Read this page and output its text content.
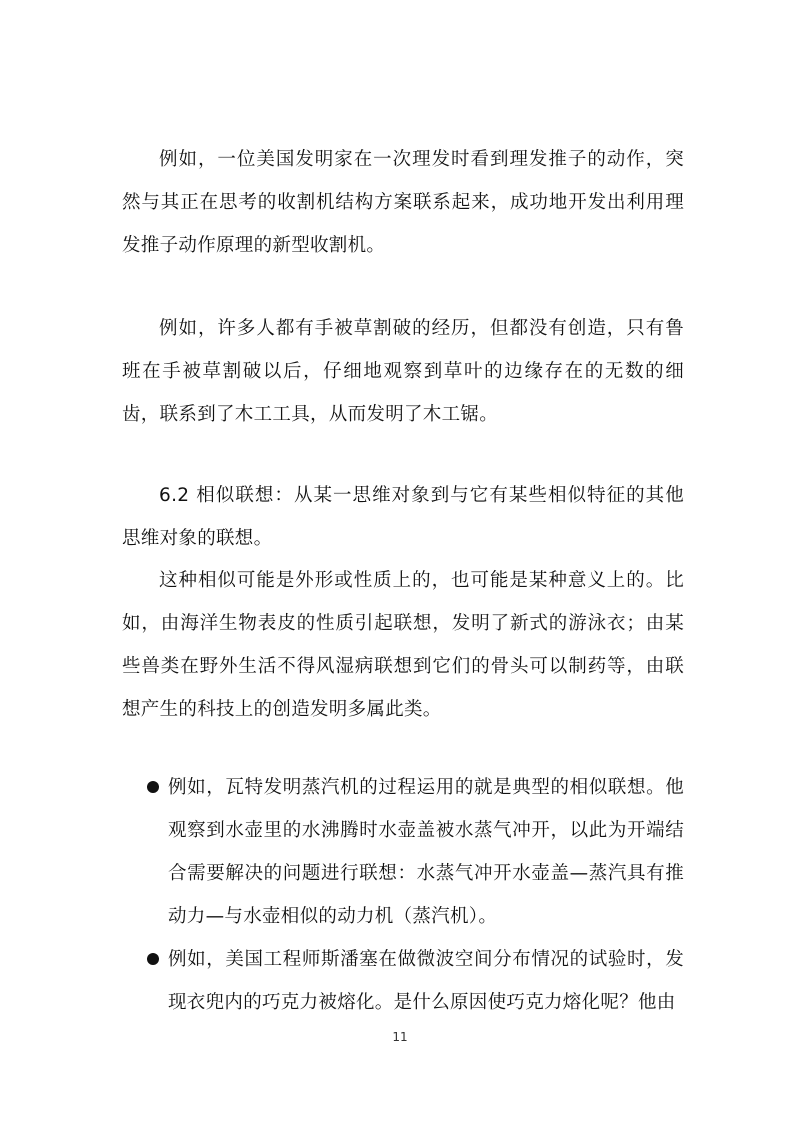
例如，一位美国发明家在一次理发时看到理发推子的动作，突然与其正在思考的收割机结构方案联系起来，成功地开发出利用理发推子动作原理的新型收割机。

例如，许多人都有手被草割破的经历，但都没有创造，只有鲁班在手被草割破以后，仔细地观察到草叶的边缘存在的无数的细齿，联系到了木工工具，从而发明了木工锯。

6.2 相似联想：从某一思维对象到与它有某些相似特征的其他思维对象的联想。

这种相似可能是外形或性质上的，也可能是某种意义上的。比如，由海洋生物表皮的性质引起联想，发明了新式的游泳衣；由某些兽类在野外生活不得风湿病联想到它们的骨头可以制药等，由联想产生的科技上的创造发明多属此类。

例如，瓦特发明蒸汽机的过程运用的就是典型的相似联想。他观察到水壶里的水沸腾时水壶盖被水蒸气冲开，以此为开端结合需要解决的问题进行联想：水蒸气冲开水壶盖—蒸汽具有推动力—与水壶相似的动力机（蒸汽机）。
例如，美国工程师斯潘塞在做微波空间分布情况的试验时，发现衣兜内的巧克力被熔化。是什么原因使巧克力熔化呢？他由
11
